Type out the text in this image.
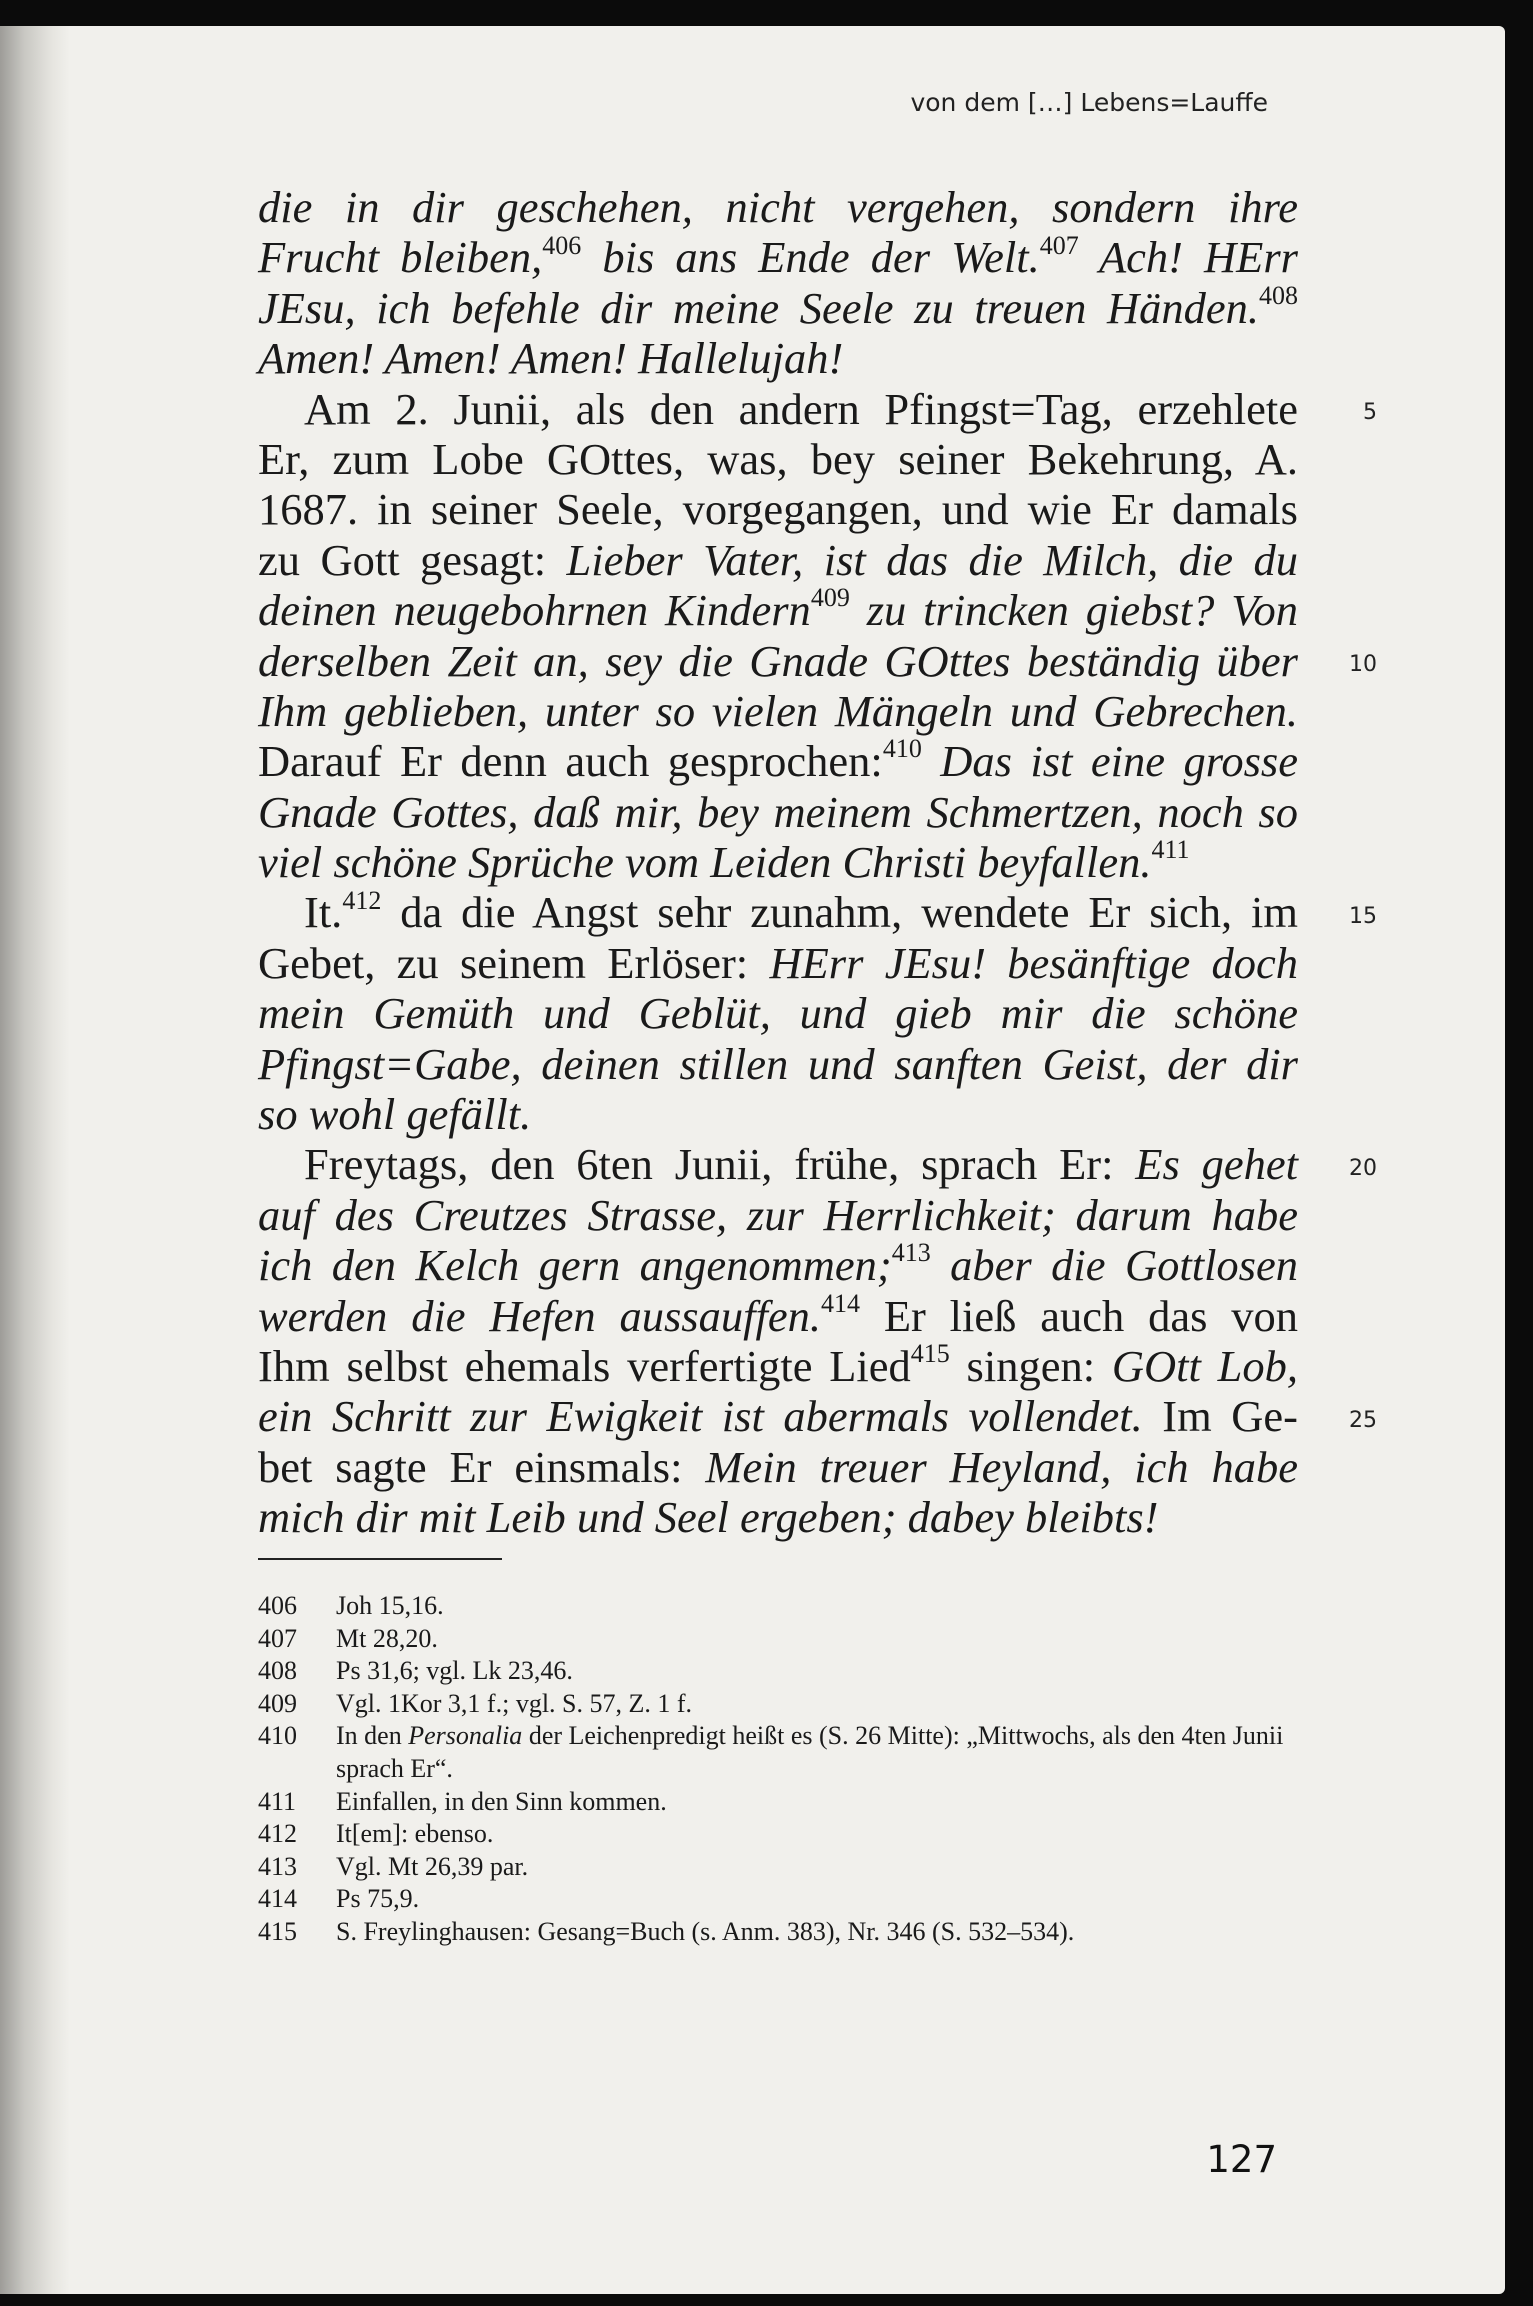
von dem […] Lebens=Lauffe
die in dir geschehen, nicht vergehen, sondern ihre
Frucht bleiben,$^{406}$ bis ans Ende der Welt.$^{407}$ Ach! HErr
JEsu, ich befehle dir meine Seele zu treuen Händen.$^{408}$
Amen! Amen! Amen! Hallelujah!
Am 2. Junii, als den andern Pfingst=Tag, erzehlete
Er, zum Lobe GOttes, was, bey seiner Bekehrung, A.
1687. in seiner Seele, vorgegangen, und wie Er damals
zu Gott gesagt: Lieber Vater, ist das die Milch, die du
deinen neugebohrnen Kindern$^{409}$ zu trincken giebst? Von
derselben Zeit an, sey die Gnade GOttes beständig über
Ihm geblieben, unter so vielen Mängeln und Gebrechen.
Darauf Er denn auch gesprochen:$^{410}$ Das ist eine grosse
Gnade Gottes, daß mir, bey meinem Schmertzen, noch so
viel schöne Sprüche vom Leiden Christi beyfallen.$^{411}$
It.$^{412}$ da die Angst sehr zunahm, wendete Er sich, im
Gebet, zu seinem Erlöser: HErr JEsu! besänftige doch
mein Gemüth und Geblüt, und gieb mir die schöne
Pfingst=Gabe, deinen stillen und sanften Geist, der dir
so wohl gefällt.
Freytags, den 6ten Junii, frühe, sprach Er: Es gehet
auf des Creutzes Strasse, zur Herrlichkeit; darum habe
ich den Kelch gern angenommen;$^{413}$ aber die Gottlosen
werden die Hefen aussauffen.$^{414}$ Er ließ auch das von
Ihm selbst ehemals verfertigte Lied$^{415}$ singen: GOtt Lob,
ein Schritt zur Ewigkeit ist abermals vollendet. Im Ge-
bet sagte Er einsmals: Mein treuer Heyland, ich habe
mich dir mit Leib und Seel ergeben; dabey bleibts!
406	Joh 15,16.
407	Mt 28,20.
408	Ps 31,6; vgl. Lk 23,46.
409	Vgl. 1Kor 3,1 f.; vgl. S. 57, Z. 1 f.
410	In den Personalia der Leichenpredigt heißt es (S. 26 Mitte): „Mittwochs, als den 4ten Junii sprach Er“.
411	Einfallen, in den Sinn kommen.
412	It[em]: ebenso.
413	Vgl. Mt 26,39 par.
414	Ps 75,9.
415	S. Freylinghausen: Gesang=Buch (s. Anm. 383), Nr. 346 (S. 532–534).
127
5
10
15
20
25
